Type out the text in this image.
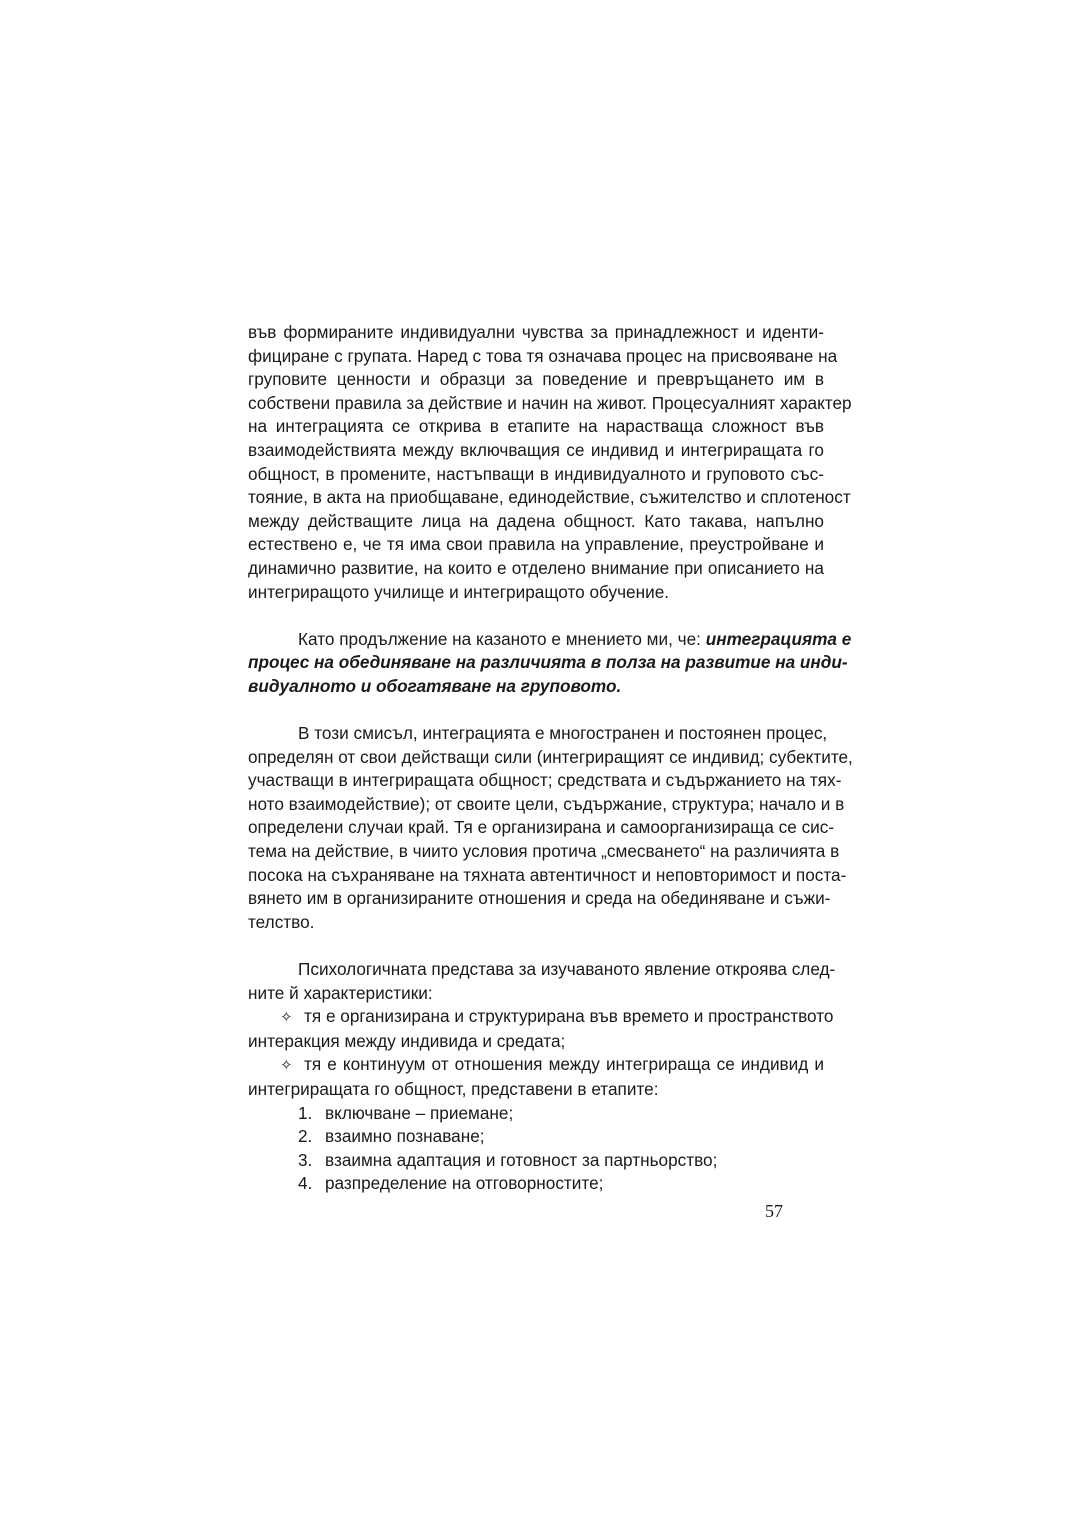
във формираните индивидуални чувства за принадлежност и иденти-
фициране с групата. Наред с това тя означава процес на присвояване на
груповите ценности и образци за поведение и превръщането им в
собствени правила за действие и начин на живот. Процесуалният характер
на интеграцията се открива в етапите на нарастваща сложност във
взаимодействията между включващия се индивид и интегриращата го
общност, в промените, настъпващи в индивидуалното и груповото със-
тояние, в акта на приобщаване, единодействие, съжителство и сплотеност
между действащите лица на дадена общност. Като такава, напълно
естествено е, че тя има свои правила на управление, преустройване и
динамично развитие, на които е отделено внимание при описанието на
интегриращото училище и интегриращото обучение.
Като продължение на казаното е мнението ми, че: интеграцията е
процес на обединяване на различията в полза на развитие на инди-
видуалното и обогатяване на груповото.
В този смисъл, интеграцията е многостранен и постоянен процес,
определян от свои действащи сили (интегриращият се индивид; субектите,
участващи в интегриращата общност; средствата и съдържанието на тях-
ното взаимодействие); от своите цели, съдържание, структура; начало и в
определени случаи край. Тя е организирана и самоорганизираща се сис-
тема на действие, в чиито условия протича „смесването“ на различията в
посока на съхраняване на тяхната автентичност и неповторимост и поста-
вянето им в организираните отношения и среда на обединяване и съжи-
телство.
Психологичната представа за изучаваното явление откроява след-
ните й характеристики:
✧ тя е организирана и структурирана във времето и пространството
интеракция между индивида и средата;
✧ тя е континуум от отношения между интегрираща се индивид и
интегриращата го общност, представени в етапите:
1. включване – приемане;
2. взаимно познаване;
3. взаимна адаптация и готовност за партньорство;
4. разпределение на отговорностите;
57
